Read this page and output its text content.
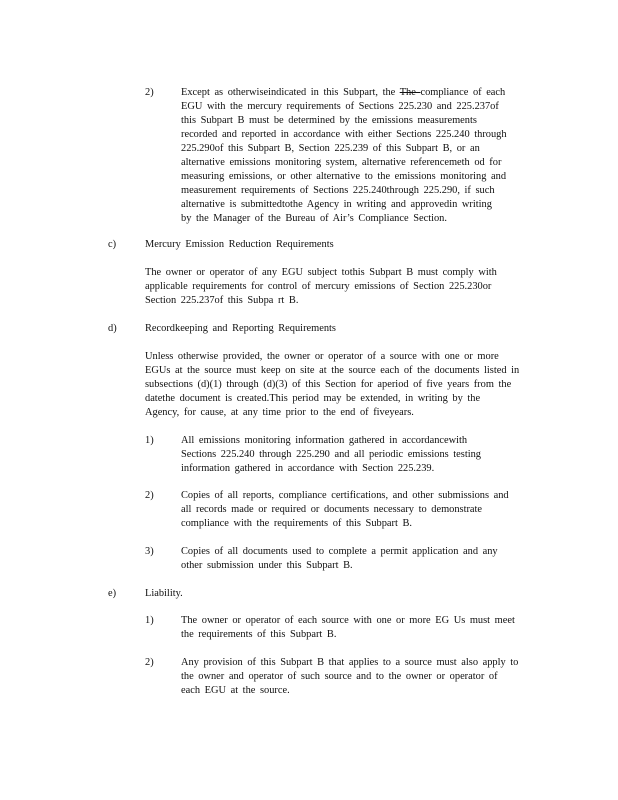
2)	Except as otherwiseindicated in this Subpart, the The compliance of each
EGU with the mercury requirements of Sections 225.230 and 225.237of
this Subpart B must be determined by the emissions measurements
recorded and reported in accordance with either Sections 225.240 through
225.290of this Subpart B, Section 225.239 of this Subpart B, or an
alternative emissions monitoring system, alternative referencemeth od for
measuring emissions, or other alternative to the emissions monitoring and
measurement requirements of Sections 225.240through 225.290, if such
alternative is submittedtothe Agency in writing and approvedin writing
by the Manager of the Bureau of Air’s Compliance Section.
c)	Mercury Emission Reduction Requirements
The owner or operator of any EGU subject tothis Subpart B must comply with
applicable requirements for control of mercury emissions of Section 225.230or
Section 225.237of this Subpa rt B.
d)	Recordkeeping and Reporting Requirements
Unless otherwise provided, the owner or operator of a source with one or more
EGUs at the source must keep on site at the source each of the documents listed in
subsections (d)(1) through (d)(3) of this Section for aperiod of five years from the
datethe document is created.This period may be extended, in writing by the
Agency, for cause, at any time prior to the end of fiveyears.
1)	All emissions monitoring information gathered in accordancewith
Sections 225.240 through 225.290 and all periodic emissions testing
information gathered in accordance with Section 225.239.
2)	Copies of all reports, compliance certifications, and other submissions and
all records made or required or documents necessary to demonstrate
compliance with the requirements of this Subpart B.
3)	Copies of all documents used to complete a permit application and any
other submission under this Subpart B.
e)	Liability.
1)	The owner or operator of each source with one or more EG Us must meet
the requirements of this Subpart B.
2)	Any provision of this Subpart B that applies to a source must also apply to
the owner and operator of such source and to the owner or operator of
each EGU at the source.
